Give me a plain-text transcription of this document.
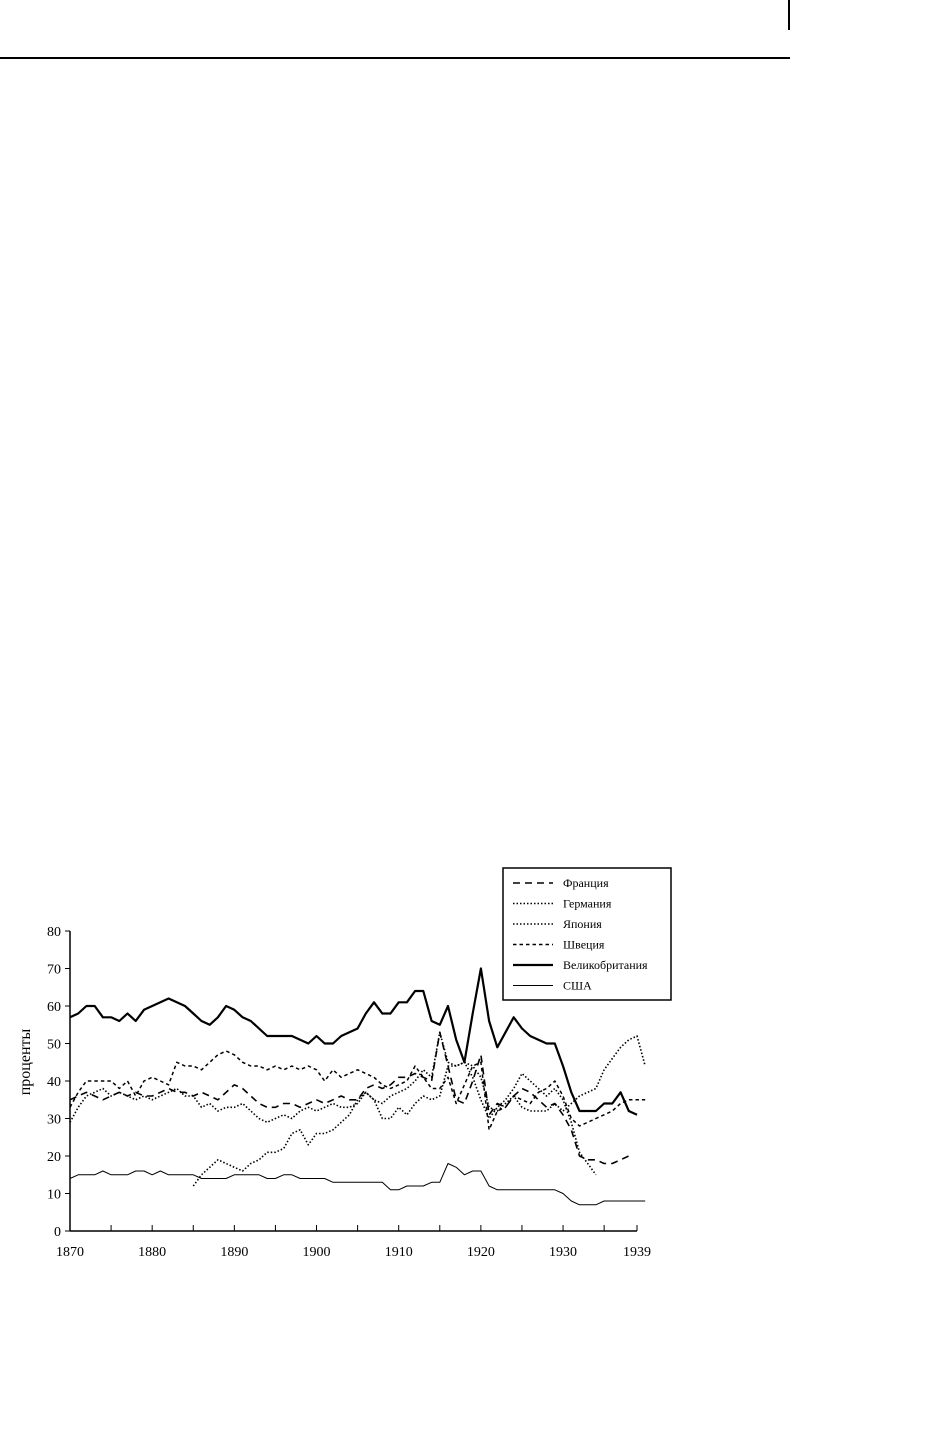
0
10
20
30
40
50
60
70
80
1870	1880	1890	1900	1910	1920	1930	1939
проценты
Франция
Германия
Япония
Швеция
Великобритания
США
